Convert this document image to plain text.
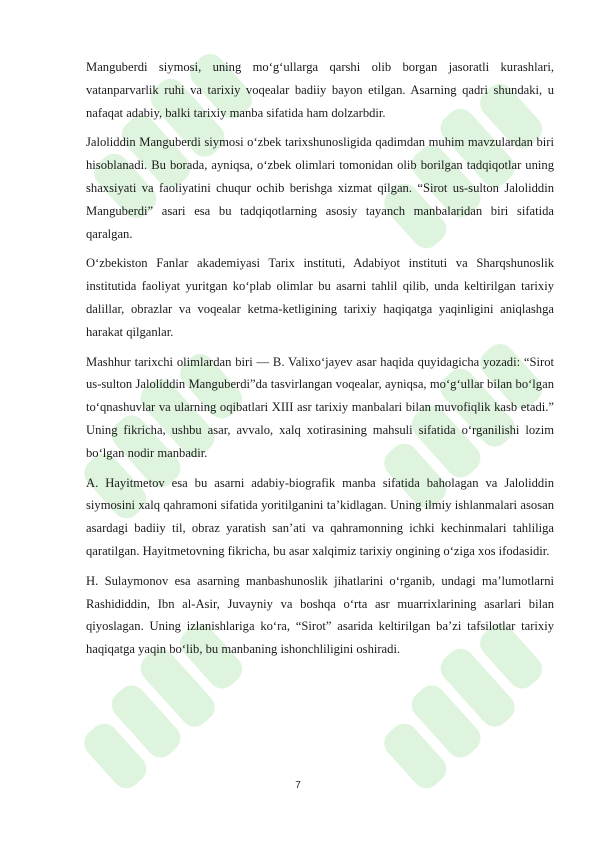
Manguberdi siymosi, uning mo‘g‘ullarga qarshi olib borgan jasoratli kurashlari, vatanparvarlik ruhi va tarixiy voqealar badiiy bayon etilgan. Asarning qadri shundaki, u nafaqat adabiy, balki tarixiy manba sifatida ham dolzarbdir.

Jaloliddin Manguberdi siymosi o‘zbek tarixshunosligida qadimdan muhim mavzulardan biri hisoblanadi. Bu borada, ayniqsa, o‘zbek olimlari tomonidan olib borilgan tadqiqotlar uning shaxsiyati va faoliyatini chuqur ochib berishga xizmat qilgan. “Sirot us-sulton Jaloliddin Manguberdi” asari esa bu tadqiqotlarning asosiy tayanch manbalaridan biri sifatida qaralgan.

O‘zbekiston Fanlar akademiyasi Tarix instituti, Adabiyot instituti va Sharqshunoslik institutida faoliyat yuritgan ko‘plab olimlar bu asarni tahlil qilib, unda keltirilgan tarixiy dalillar, obrazlar va voqealar ketma-ketligining tarixiy haqiqatga yaqinligini aniqlashga harakat qilganlar.

Mashhur tarixchi olimlardan biri — B. Valixo‘jayev asar haqida quyidagicha yozadi: “Sirot us-sulton Jaloliddin Manguberdi”da tasvirlangan voqealar, ayniqsa, mo‘g‘ullar bilan bo‘lgan to‘qnashuvlar va ularning oqibatlari XIII asr tarixiy manbalari bilan muvofiqlik kasb etadi.” Uning fikricha, ushbu asar, avvalo, xalq xotirasining mahsuli sifatida o‘rganilishi lozim bo‘lgan nodir manbadir.

A. Hayitmetov esa bu asarni adabiy-biografik manba sifatida baholagan va Jaloliddin siymosini xalq qahramoni sifatida yoritilganini ta’kidlagan. Uning ilmiy ishlanmalari asosan asardagi badiiy til, obraz yaratish san’ati va qahramonning ichki kechinmalari tahliliga qaratilgan. Hayitmetovning fikricha, bu asar xalqimiz tarixiy ongining o‘ziga xos ifodasidir.

H. Sulaymonov esa asarning manbashunoslik jihatlarini o‘rganib, undagi ma’lumotlarni Rashididdin, Ibn al-Asir, Juvayniy va boshqa o‘rta asr muarrixlarining asarlari bilan qiyoslagan. Uning izlanishlariga ko‘ra, “Sirot” asarida keltirilgan ba’zi tafsilotlar tarixiy haqiqatga yaqin bo‘lib, bu manbaning ishonchliligini oshiradi.

7
